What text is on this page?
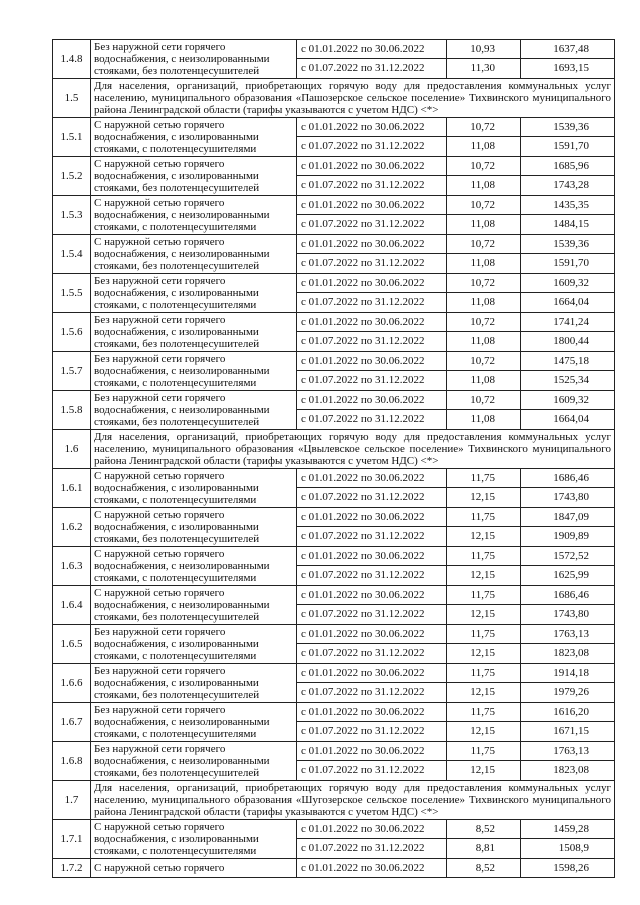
1.4.8	Без наружной сети горячего водоснабжения, с неизолированными стояками, без полотенцесушителей	с 01.01.2022 по 30.06.2022	10,93	1637,48
		с 01.07.2022 по 31.12.2022	11,30	1693,15
1.5	Для населения, организаций, приобретающих горячую воду для предоставления коммунальных услуг населению, муниципального образования «Пашозерское сельское поселение» Тихвинского муниципального района Ленинградской области (тарифы указываются с учетом НДС) <*>			
1.5.1	С наружной сетью горячего водоснабжения, с изолированными стояками, с полотенцесушителями	с 01.01.2022 по 30.06.2022	10,72	1539,36
		с 01.07.2022 по 31.12.2022	11,08	1591,70
1.5.2	С наружной сетью горячего водоснабжения, с изолированными стояками, без полотенцесушителей	с 01.01.2022 по 30.06.2022	10,72	1685,96
		с 01.07.2022 по 31.12.2022	11,08	1743,28
1.5.3	С наружной сетью горячего водоснабжения, с неизолированными стояками, с полотенцесушителями	с 01.01.2022 по 30.06.2022	10,72	1435,35
		с 01.07.2022 по 31.12.2022	11,08	1484,15
1.5.4	С наружной сетью горячего водоснабжения, с неизолированными стояками, без полотенцесушителей	с 01.01.2022 по 30.06.2022	10,72	1539,36
		с 01.07.2022 по 31.12.2022	11,08	1591,70
1.5.5	Без наружной сети горячего водоснабжения, с изолированными стояками, с полотенцесушителями	с 01.01.2022 по 30.06.2022	10,72	1609,32
		с 01.07.2022 по 31.12.2022	11,08	1664,04
1.5.6	Без наружной сети горячего водоснабжения, с изолированными стояками, без полотенцесушителей	с 01.01.2022 по 30.06.2022	10,72	1741,24
		с 01.07.2022 по 31.12.2022	11,08	1800,44
1.5.7	Без наружной сети горячего водоснабжения, с неизолированными стояками, с полотенцесушителями	с 01.01.2022 по 30.06.2022	10,72	1475,18
		с 01.07.2022 по 31.12.2022	11,08	1525,34
1.5.8	Без наружной сети горячего водоснабжения, с неизолированными стояками, без полотенцесушителей	с 01.01.2022 по 30.06.2022	10,72	1609,32
		с 01.07.2022 по 31.12.2022	11,08	1664,04
1.6	Для населения, организаций, приобретающих горячую воду для предоставления коммунальных услуг населению, муниципального образования «Цвылевское сельское поселение» Тихвинского муниципального района Ленинградской области (тарифы указываются с учетом НДС) <*>			
1.6.1	С наружной сетью горячего водоснабжения, с изолированными стояками, с полотенцесушителями	с 01.01.2022 по 30.06.2022	11,75	1686,46
		с 01.07.2022 по 31.12.2022	12,15	1743,80
1.6.2	С наружной сетью горячего водоснабжения, с изолированными стояками, без полотенцесушителей	с 01.01.2022 по 30.06.2022	11,75	1847,09
		с 01.07.2022 по 31.12.2022	12,15	1909,89
1.6.3	С наружной сетью горячего водоснабжения, с неизолированными стояками, с полотенцесушителями	с 01.01.2022 по 30.06.2022	11,75	1572,52
		с 01.07.2022 по 31.12.2022	12,15	1625,99
1.6.4	С наружной сетью горячего водоснабжения, с неизолированными стояками, без полотенцесушителей	с 01.01.2022 по 30.06.2022	11,75	1686,46
		с 01.07.2022 по 31.12.2022	12,15	1743,80
1.6.5	Без наружной сети горячего водоснабжения, с изолированными стояками, с полотенцесушителями	с 01.01.2022 по 30.06.2022	11,75	1763,13
		с 01.07.2022 по 31.12.2022	12,15	1823,08
1.6.6	Без наружной сети горячего водоснабжения, с изолированными стояками, без полотенцесушителей	с 01.01.2022 по 30.06.2022	11,75	1914,18
		с 01.07.2022 по 31.12.2022	12,15	1979,26
1.6.7	Без наружной сети горячего водоснабжения, с неизолированными стояками, с полотенцесушителями	с 01.01.2022 по 30.06.2022	11,75	1616,20
		с 01.07.2022 по 31.12.2022	12,15	1671,15
1.6.8	Без наружной сети горячего водоснабжения, с неизолированными стояками, без полотенцесушителей	с 01.01.2022 по 30.06.2022	11,75	1763,13
		с 01.07.2022 по 31.12.2022	12,15	1823,08
1.7	Для населения, организаций, приобретающих горячую воду для предоставления коммунальных услуг населению, муниципального образования «Шугозерское сельское поселение» Тихвинского муниципального района Ленинградской области (тарифы указываются с учетом НДС) <*>			
1.7.1	С наружной сетью горячего водоснабжения, с изолированными стояками, с полотенцесушителями	с 01.01.2022 по 30.06.2022	8,52	1459,28
		с 01.07.2022 по 31.12.2022	8,81	1508,9
1.7.2	С наружной сетью горячего	с 01.01.2022 по 30.06.2022	8,52	1598,26
